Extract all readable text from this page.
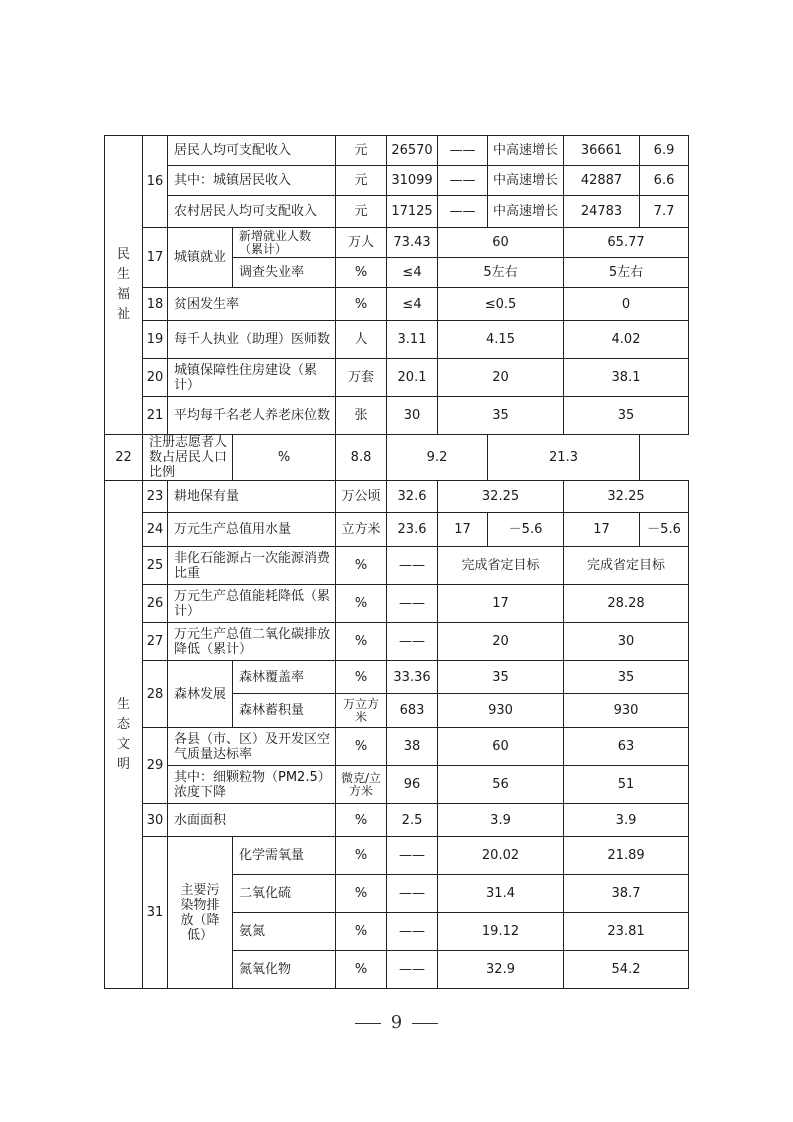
民生福祉	16	居民人均可支配收入		元	26570	——	中高速增长	36661	6.9
		其中：城镇居民收入		元	31099	——	中高速增长	42887	6.6
		农村居民人均可支配收入		元	17125	——	中高速增长	24783	7.7
	17	城镇就业	新增就业人数（累计）	万人	73.43	60		65.77	
			调查失业率	%	≤4	5左右		5左右	
	18	贫困发生率		%	≤4	≤0.5		0	
	19	每千人执业（助理）医师数		人	3.11	4.15		4.02	
	20	城镇保障性住房建设（累计）		万套	20.1	20		38.1	
	21	平均每千名老人养老床位数		张	30	35		35	
22	注册志愿者人数占居民人口比例		%	8.8	9.2		21.3		
生态文明	23	耕地保有量		万公顷	32.6	32.25		32.25	
	24	万元生产总值用水量		立方米	23.6	17	－5.6	17	－5.6
	25	非化石能源占一次能源消费比重		%	——	完成省定目标		完成省定目标	
	26	万元生产总值能耗降低（累计）		%	——	17		28.28	
	27	万元生产总值二氧化碳排放降低（累计）		%	——	20		30	
	28	森林发展	森林覆盖率	%	33.36	35		35	
			森林蓄积量	万立方米	683	930		930	
	29	各县（市、区）及开发区空气质量达标率		%	38	60		63	
		其中：细颗粒物（PM2.5）浓度下降		微克/立方米	96	56		51	
	30	水面面积		%	2.5	3.9		3.9	
	31	主要污染物排放（降低）	化学需氧量	%	——	20.02		21.89	
			二氧化硫	%	——	31.4		38.7	
			氨氮	%	——	19.12		23.81	
			氮氧化物	%	——	32.9		54.2	
9
